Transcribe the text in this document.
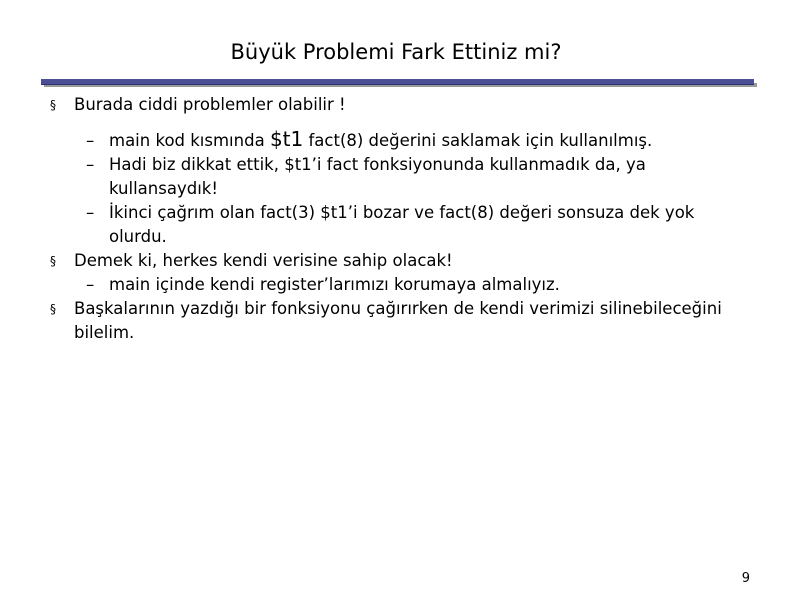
Büyük Problemi Fark Ettiniz mi?
§ Burada ciddi problemler olabilir !
– main kod kısmında $t1 fact(8) değerini saklamak için kullanılmış.
– Hadi biz dikkat ettik, $t1’i fact fonksiyonunda kullanmadık da, ya kullansaydık!
– İkinci çağrım olan fact(3) $t1’i bozar ve fact(8) değeri sonsuza dek yok olurdu.
§ Demek ki, herkes kendi verisine sahip olacak!
– main içinde kendi register’larımızı korumaya almalıyız.
§ Başkalarının yazdığı bir fonksiyonu çağırırken de kendi verimizi silinebileceğini bilelim.
9
